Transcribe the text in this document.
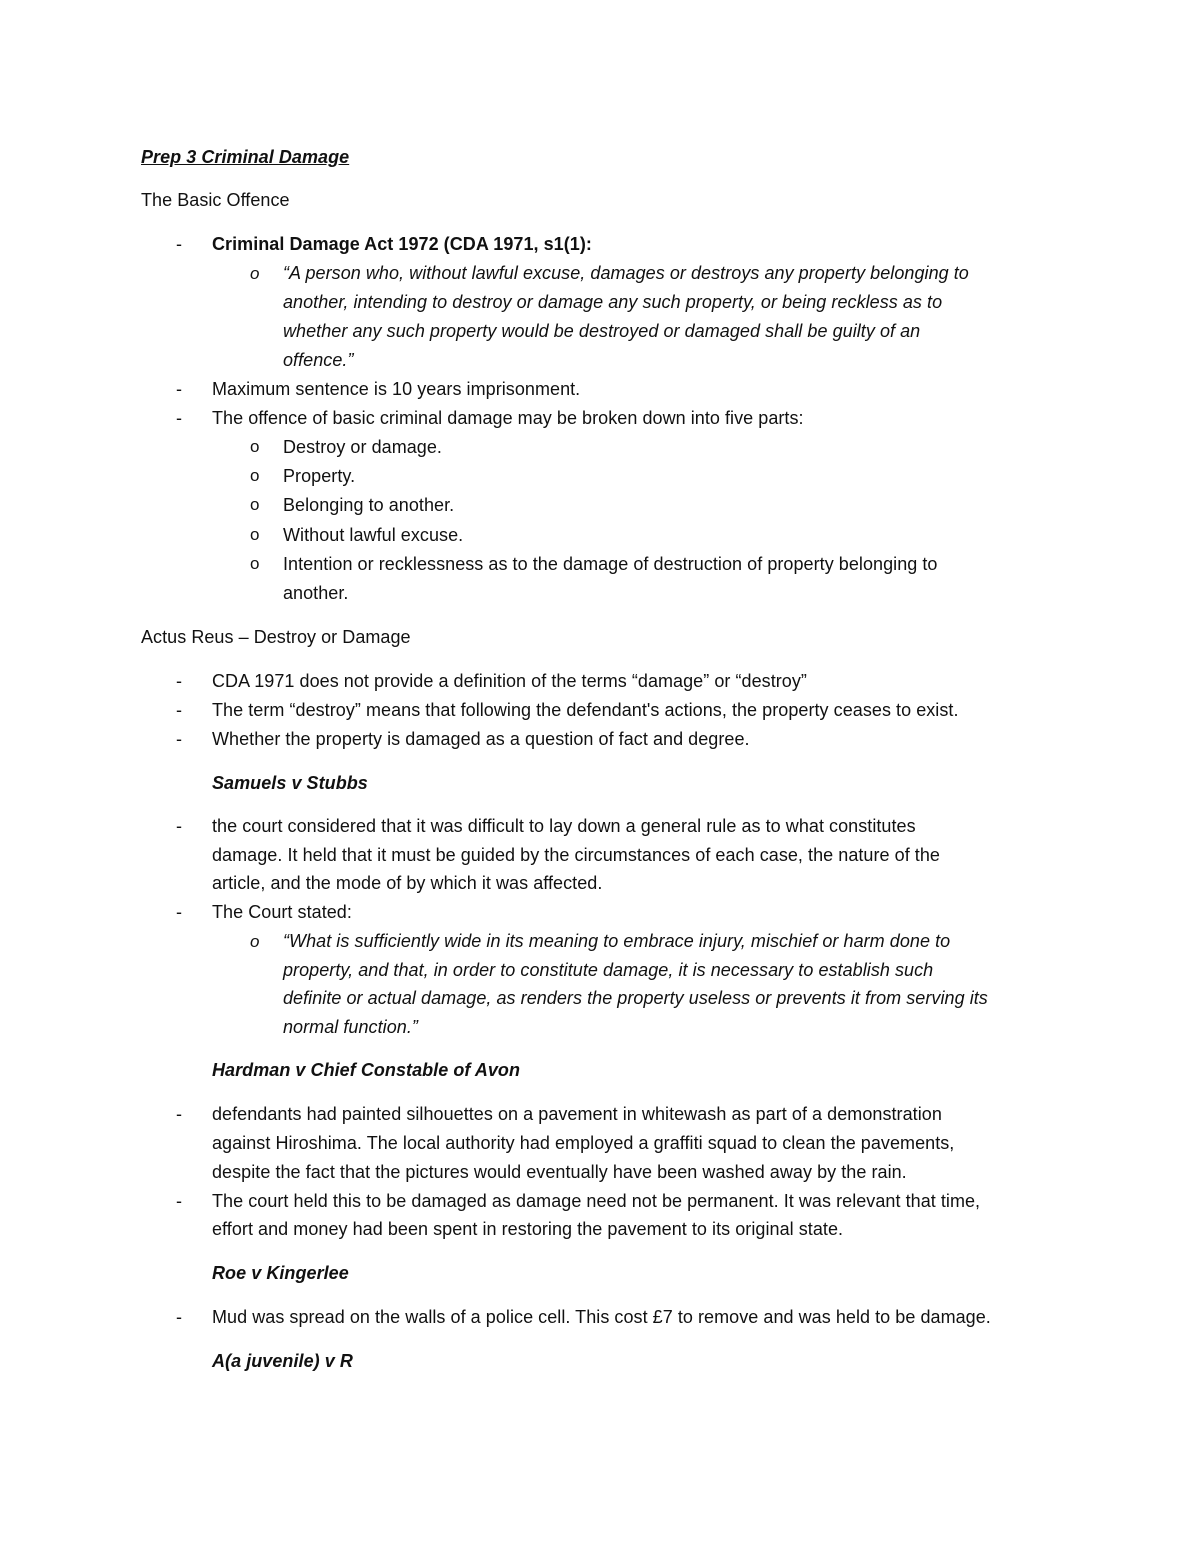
Prep 3 Criminal Damage
The Basic Offence
-	Criminal Damage Act 1972 (CDA 1971, s1(1):
o	“A person who, without lawful excuse, damages or destroys any property belonging to
another, intending to destroy or damage any such property, or being reckless as to
whether any such property would be destroyed or damaged shall be guilty of an
offence.”
-	Maximum sentence is 10 years imprisonment.
-	The offence of basic criminal damage may be broken down into five parts:
o	Destroy or damage.
o	Property.
o	Belonging to another.
o	Without lawful excuse.
o	Intention or recklessness as to the damage of destruction of property belonging to
another.
Actus Reus – Destroy or Damage
-	CDA 1971 does not provide a definition of the terms “damage” or “destroy”
-	The term “destroy” means that following the defendant's actions, the property ceases to exist.
-	Whether the property is damaged as a question of fact and degree.
Samuels v Stubbs
-	the court considered that it was difficult to lay down a general rule as to what constitutes
damage. It held that it must be guided by the circumstances of each case, the nature of the
article, and the mode of by which it was affected.
-	The Court stated:
o	“What is sufficiently wide in its meaning to embrace injury, mischief or harm done to
property, and that, in order to constitute damage, it is necessary to establish such
definite or actual damage, as renders the property useless or prevents it from serving its
normal function.”
Hardman v Chief Constable of Avon
-	defendants had painted silhouettes on a pavement in whitewash as part of a demonstration
against Hiroshima. The local authority had employed a graffiti squad to clean the pavements,
despite the fact that the pictures would eventually have been washed away by the rain.
-	The court held this to be damaged as damage need not be permanent. It was relevant that time,
effort and money had been spent in restoring the pavement to its original state.
Roe v Kingerlee
-	Mud was spread on the walls of a police cell. This cost £7 to remove and was held to be damage.
A(a juvenile) v R
